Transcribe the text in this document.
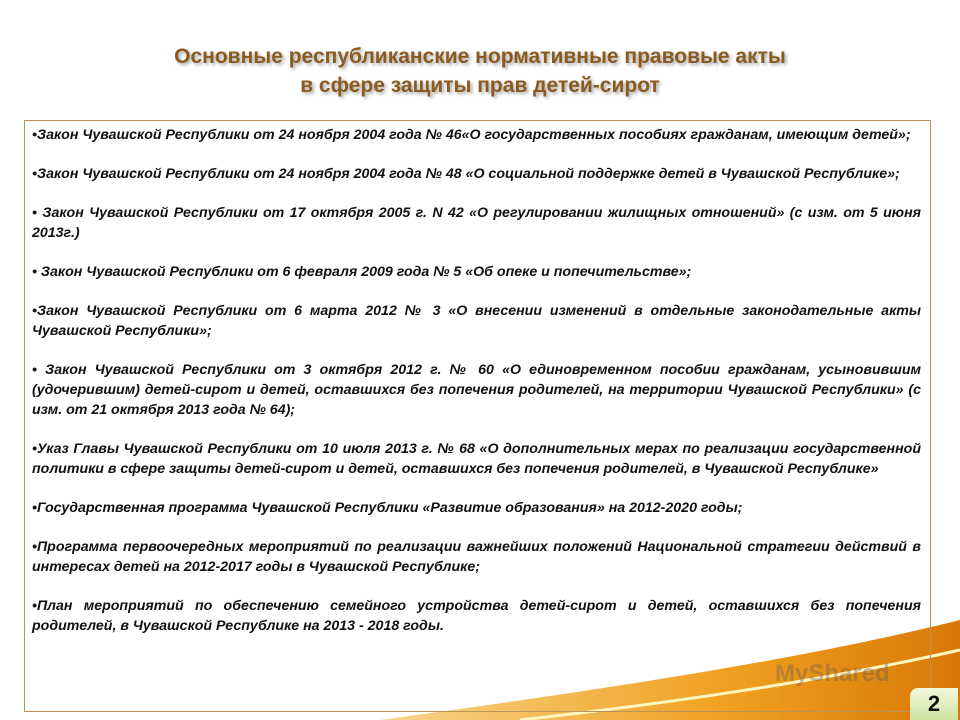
Основные республиканские нормативные правовые акты
в сфере защиты прав детей-сирот

•Закон Чувашской Республики от 24 ноября 2004 года № 46«О государственных пособиях гражданам, имеющим детей»;

•Закон Чувашской Республики от 24 ноября 2004 года № 48 «О социальной поддержке детей в Чувашской Республике»;

• Закон Чувашской Республики от 17 октября 2005 г. N 42 «О регулировании жилищных отношений» (с изм. от 5 июня 2013г.)

• Закон Чувашской Республики от 6 февраля 2009 года № 5 «Об опеке и попечительстве»;

•Закон Чувашской Республики от 6 марта 2012 № 3 «О внесении изменений в отдельные законодательные акты Чувашской Республики»;

• Закон Чувашской Республики от 3 октября 2012 г. № 60 «О единовременном пособии гражданам, усыновившим (удочерившим) детей-сирот и детей, оставшихся без попечения родителей, на территории Чувашской Республики» (с изм. от 21 октября 2013 года № 64);

•Указ Главы Чувашской Республики от 10 июля 2013 г. № 68 «О дополнительных мерах по реализации государственной политики в сфере защиты детей-сирот и детей, оставшихся без попечения родителей, в Чувашской Республике»

•Государственная программа Чувашской Республики «Развитие образования» на 2012-2020 годы;

•Программа первоочередных мероприятий по реализации важнейших положений Национальной стратегии действий в интересах детей на 2012-2017 годы в Чувашской Республике;

•План мероприятий по обеспечению семейного устройства детей-сирот и детей, оставшихся без попечения родителей, в Чувашской Республике на 2013 - 2018 годы.

MyShared
2
